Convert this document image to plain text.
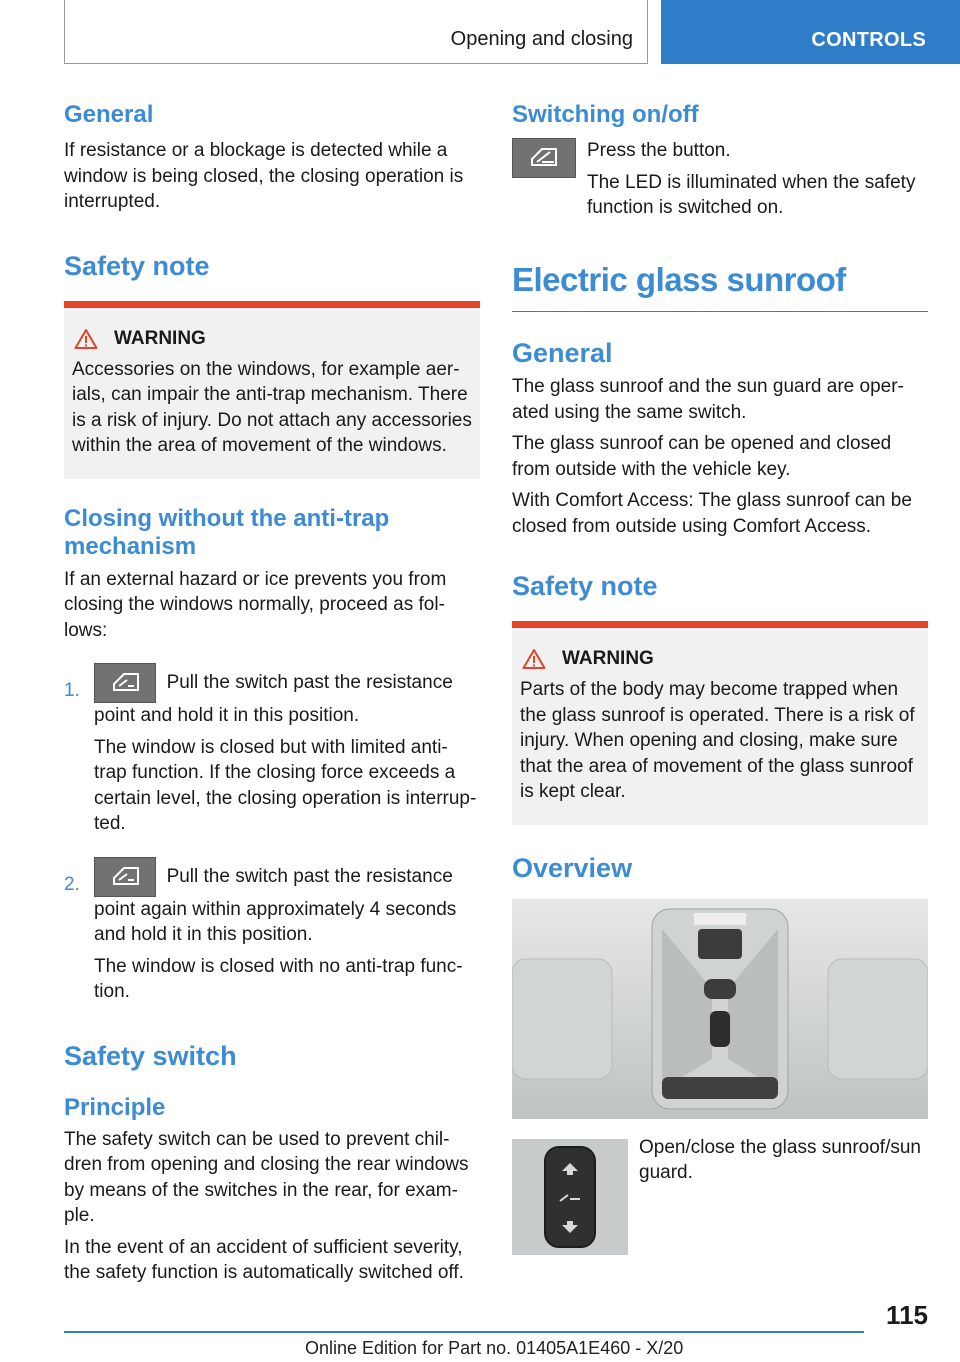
Opening and closing	CONTROLS
General

If resistance or a blockage is detected while a window is being closed, the closing operation is interrupted.

Safety note
WARNING

Accessories on the windows, for example aerials, can impair the anti-trap mechanism. There is a risk of injury. Do not attach any accessories within the area of movement of the windows.

Closing without the anti-trap mechanism

If an external hazard or ice prevents you from closing the windows normally, proceed as follows:

1.	Pull the switch past the resistance point and hold it in this position.

The window is closed but with limited anti-trap function. If the closing force exceeds a certain level, the closing operation is interrupted.

2.	Pull the switch past the resistance point again within approximately 4 seconds and hold it in this position.

The window is closed with no anti-trap function.

Safety switch
Principle

The safety switch can be used to prevent children from opening and closing the rear windows by means of the switches in the rear, for example.

In the event of an accident of sufficient severity, the safety function is automatically switched off.

Switching on/off

Press the button.

The LED is illuminated when the safety function is switched on.

Electric glass sunroof
General

The glass sunroof and the sun guard are operated using the same switch.

The glass sunroof can be opened and closed from outside with the vehicle key.

With Comfort Access: The glass sunroof can be closed from outside using Comfort Access.

Safety note
WARNING

Parts of the body may become trapped when the glass sunroof is operated. There is a risk of injury. When opening and closing, make sure that the area of movement of the glass sunroof is kept clear.

Overview

Open/close the glass sunroof/sun guard.

115
Online Edition for Part no. 01405A1E460 - X/20
